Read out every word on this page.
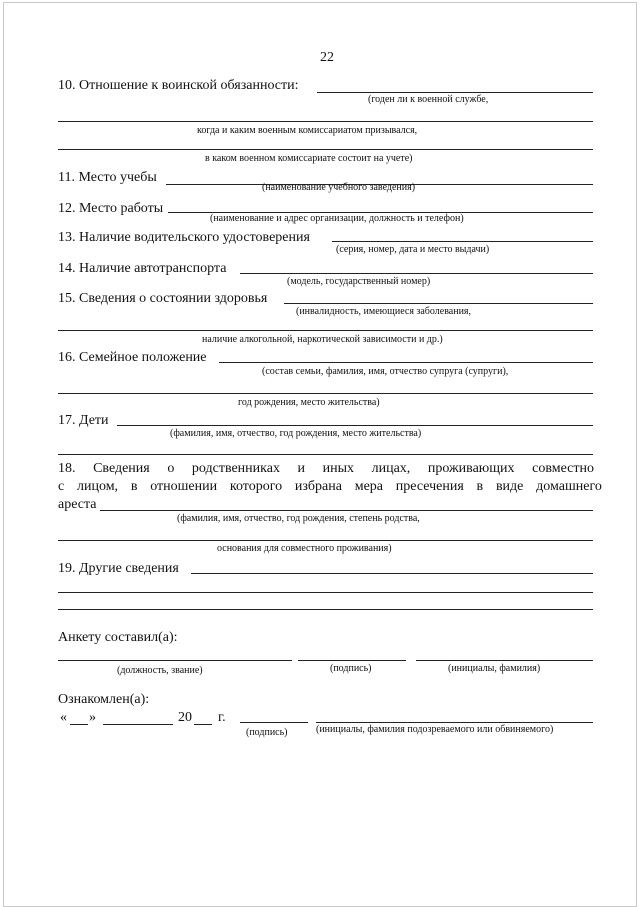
22
10. Отношение к воинской обязанности:
(годен ли к военной службе,
когда и каким военным комиссариатом призывался,
в каком военном комиссариате состоит на учете)
11. Место учебы
(наименование учебного заведения)
12. Место работы
(наименование и адрес организации, должность и телефон)
13. Наличие водительского удостоверения
(серия, номер, дата и место выдачи)
14. Наличие автотранспорта
(модель, государственный номер)
15. Сведения о состоянии здоровья
(инвалидность, имеющиеся заболевания,
наличие алкогольной, наркотической зависимости и др.)
16. Семейное положение
(состав семьи, фамилия, имя, отчество супруга (супруги),
год рождения, место жительства)
17. Дети
(фамилия, имя, отчество, год рождения, место жительства)
18. Сведения о родственниках и иных лицах, проживающих совместно
с лицом, в отношении которого избрана мера пресечения в виде домашнего
ареста
(фамилия, имя, отчество, год рождения, степень родства,
основания для совместного проживания)
19. Другие сведения
Анкету составил(а):
(должность, звание)	(подпись)	(инициалы, фамилия)
Ознакомлен(а):
« »	20 г.
(подпись)	(инициалы, фамилия подозреваемого или обвиняемого)
